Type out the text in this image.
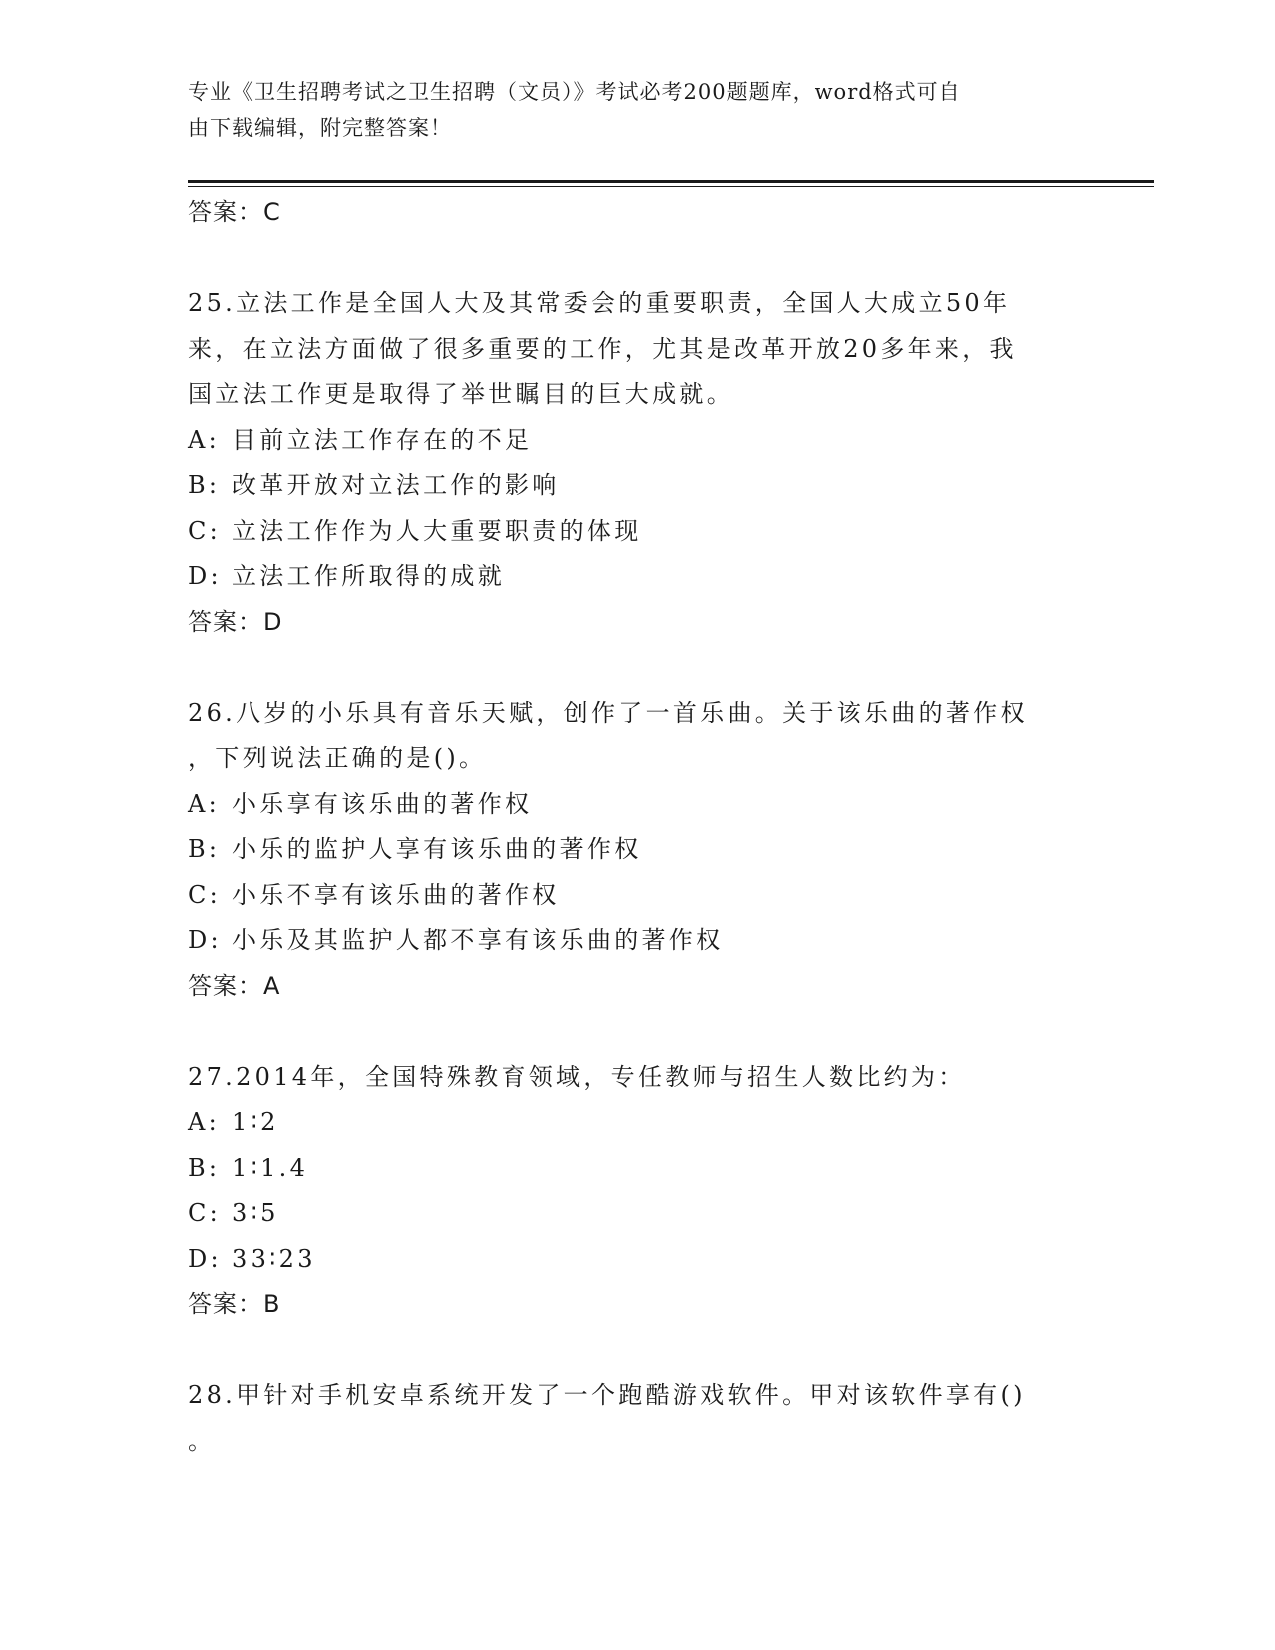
专业《卫生招聘考试之卫生招聘（文员）》考试必考200题题库，word格式可自
由下载编辑，附完整答案！
答案：C
25.立法工作是全国人大及其常委会的重要职责，全国人大成立50年
来，在立法方面做了很多重要的工作，尤其是改革开放20多年来，我
国立法工作更是取得了举世瞩目的巨大成就。
A: 目前立法工作存在的不足
B: 改革开放对立法工作的影响
C: 立法工作作为人大重要职责的体现
D: 立法工作所取得的成就
答案：D
26.八岁的小乐具有音乐天赋，创作了一首乐曲。关于该乐曲的著作权
，下列说法正确的是()。
A: 小乐享有该乐曲的著作权
B: 小乐的监护人享有该乐曲的著作权
C: 小乐不享有该乐曲的著作权
D: 小乐及其监护人都不享有该乐曲的著作权
答案：A
27.2014年，全国特殊教育领域，专任教师与招生人数比约为：
A: 1∶2
B: 1∶1.4
C: 3∶5
D: 33∶23
答案：B
28.甲针对手机安卓系统开发了一个跑酷游戏软件。甲对该软件享有()
。
